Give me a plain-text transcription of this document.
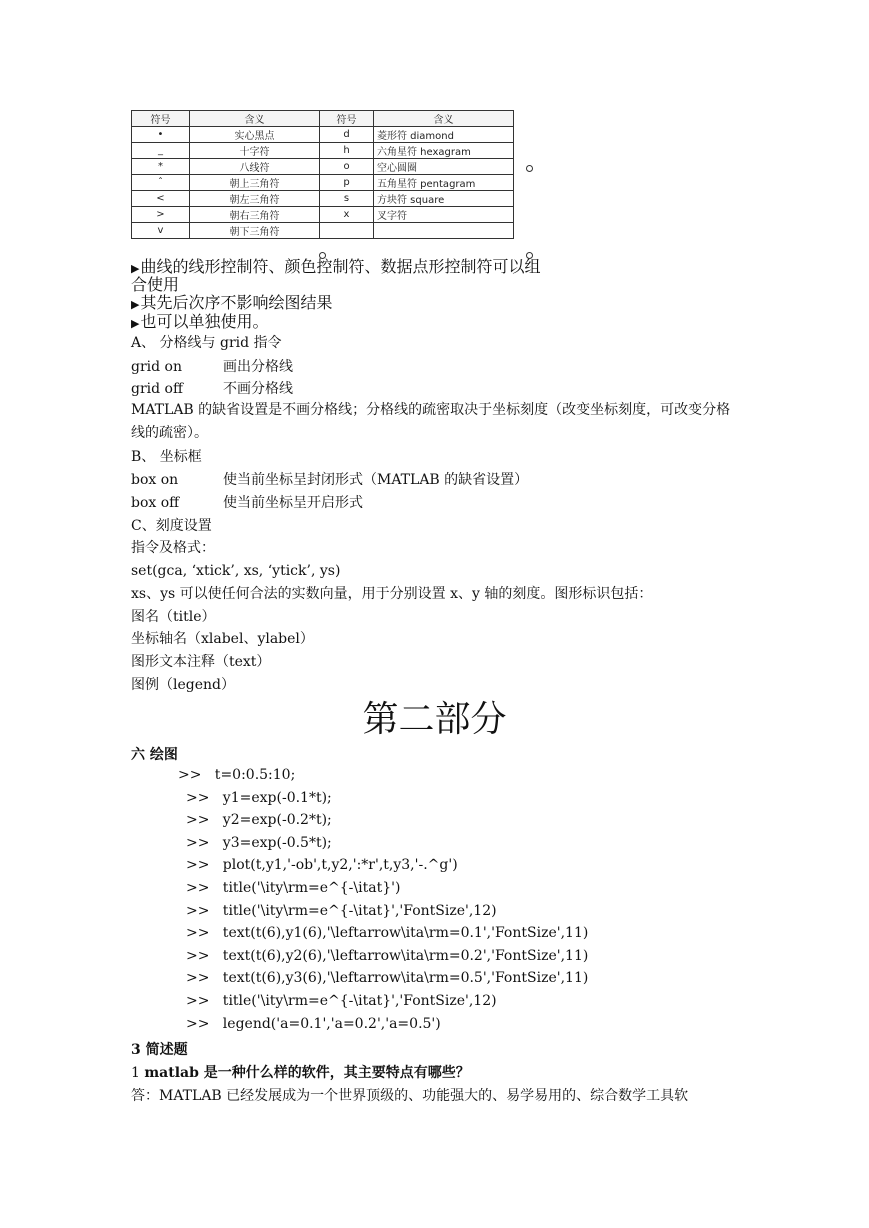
符号	含义	符号	含义
•	实心黑点	d	菱形符 diamond
_	十字符	h	六角星符 hexagram
*	八线符	o	空心圆圈
ˆ	朝上三角符	p	五角星符 pentagram
<	朝左三角符	s	方块符 square
>	朝右三角符	x	叉字符
v	朝下三角符		
▶曲线的线形控制符、颜色控制符、数据点形控制符可以组
合使用
▶其先后次序不影响绘图结果
▶也可以单独使用。
A、 分格线与 grid 指令
grid on	画出分格线
grid off	不画分格线
MATLAB 的缺省设置是不画分格线；分格线的疏密取决于坐标刻度（改变坐标刻度，可改变分格线的疏密）。
B、 坐标框
box on	使当前坐标呈封闭形式（MATLAB 的缺省设置）
box off	使当前坐标呈开启形式
C、刻度设置
指令及格式：
set(gca, ‘xtick’, xs, ‘ytick’, ys)
xs、ys 可以使任何合法的实数向量，用于分别设置 x、y 轴的刻度。图形标识包括：
图名（title）
坐标轴名（xlabel、ylabel）
图形文本注释（text）
图例（legend）
第二部分
六 绘图
>>   t=0:0.5:10;
>>   y1=exp(-0.1*t);
>>   y2=exp(-0.2*t);
>>   y3=exp(-0.5*t);
>>   plot(t,y1,'-ob',t,y2,':*r',t,y3,'-.^g')
>>   title('\ity\rm=e^{-\itat}')
>>   title('\ity\rm=e^{-\itat}','FontSize',12)
>>   text(t(6),y1(6),'\leftarrow\ita\rm=0.1','FontSize',11)
>>   text(t(6),y2(6),'\leftarrow\ita\rm=0.2','FontSize',11)
>>   text(t(6),y3(6),'\leftarrow\ita\rm=0.5','FontSize',11)
>>   title('\ity\rm=e^{-\itat}','FontSize',12)
>>   legend('a=0.1','a=0.2','a=0.5')
3 简述题
1 matlab 是一种什么样的软件，其主要特点有哪些？
答：MATLAB 已经发展成为一个世界顶级的、功能强大的、易学易用的、综合数学工具软
